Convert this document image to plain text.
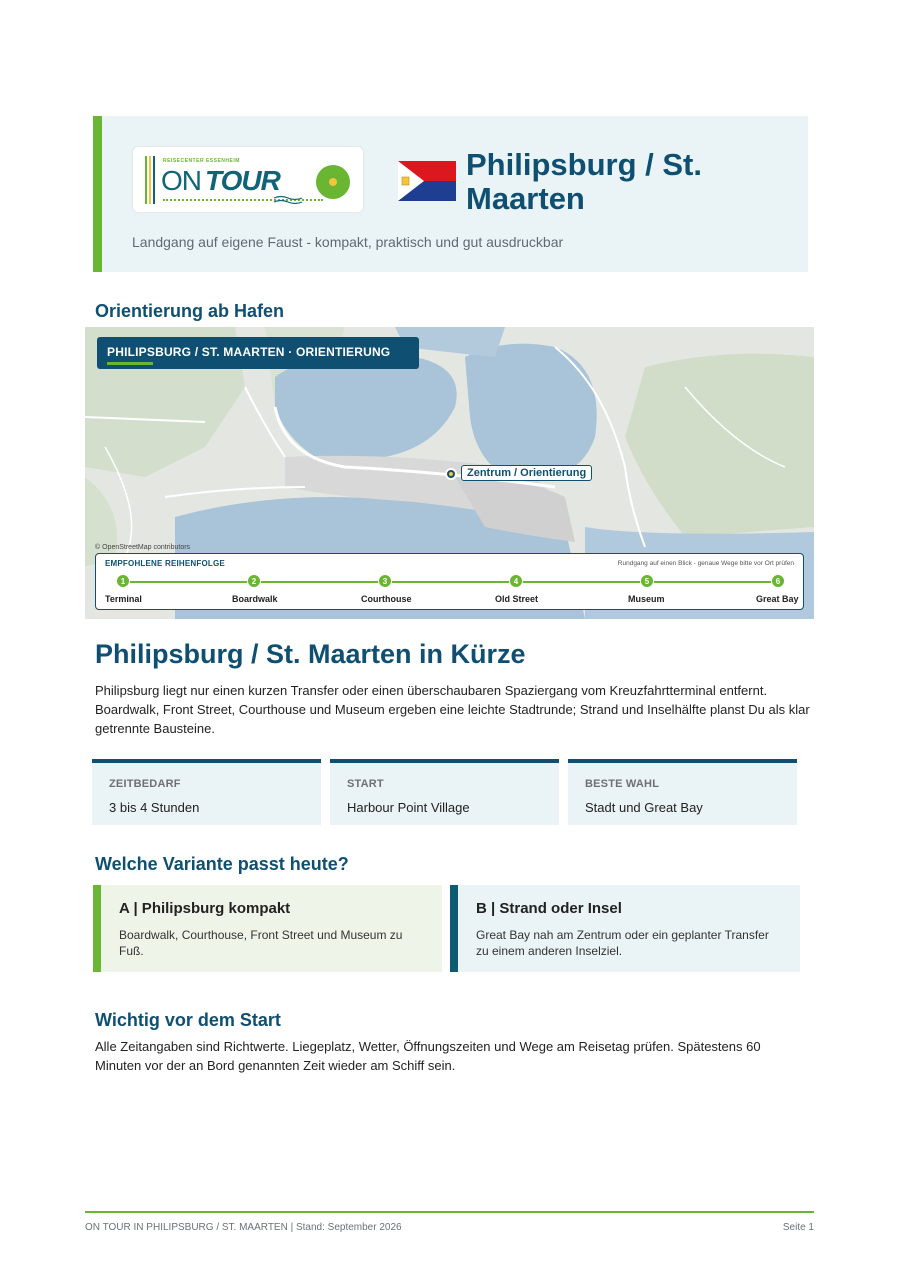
REISECENTER ESSENHEIM
ON TOUR	Philipsburg / St. Maarten
Landgang auf eigene Faust - kompakt, praktisch und gut ausdruckbar
Orientierung ab Hafen
PHILIPSBURG / ST. MAARTEN · ORIENTIERUNG
Zentrum / Orientierung
© OpenStreetMap contributors
EMPFOHLENE REIHENFOLGE	Rundgang auf einen Blick - genaue Wege bitte vor Ort prüfen
1	2	3	4	5	6
Terminal	Boardwalk	Courthouse	Old Street	Museum	Great Bay
Philipsburg / St. Maarten in Kürze
Philipsburg liegt nur einen kurzen Transfer oder einen überschaubaren Spaziergang vom Kreuzfahrtterminal entfernt. Boardwalk, Front Street, Courthouse und Museum ergeben eine leichte Stadtrunde; Strand und Inselhälfte planst Du als klar getrennte Bausteine.
ZEITBEDARF
3 bis 4 Stunden
START
Harbour Point Village
BESTE WAHL
Stadt und Great Bay
Welche Variante passt heute?
A | Philipsburg kompakt
Boardwalk, Courthouse, Front Street und Museum zu Fuß.
B | Strand oder Insel
Great Bay nah am Zentrum oder ein geplanter Transfer zu einem anderen Inselziel.
Wichtig vor dem Start
Alle Zeitangaben sind Richtwerte. Liegeplatz, Wetter, Öffnungszeiten und Wege am Reisetag prüfen. Spätestens 60 Minuten vor der an Bord genannten Zeit wieder am Schiff sein.
ON TOUR IN PHILIPSBURG / ST. MAARTEN | Stand: September 2026	Seite 1
